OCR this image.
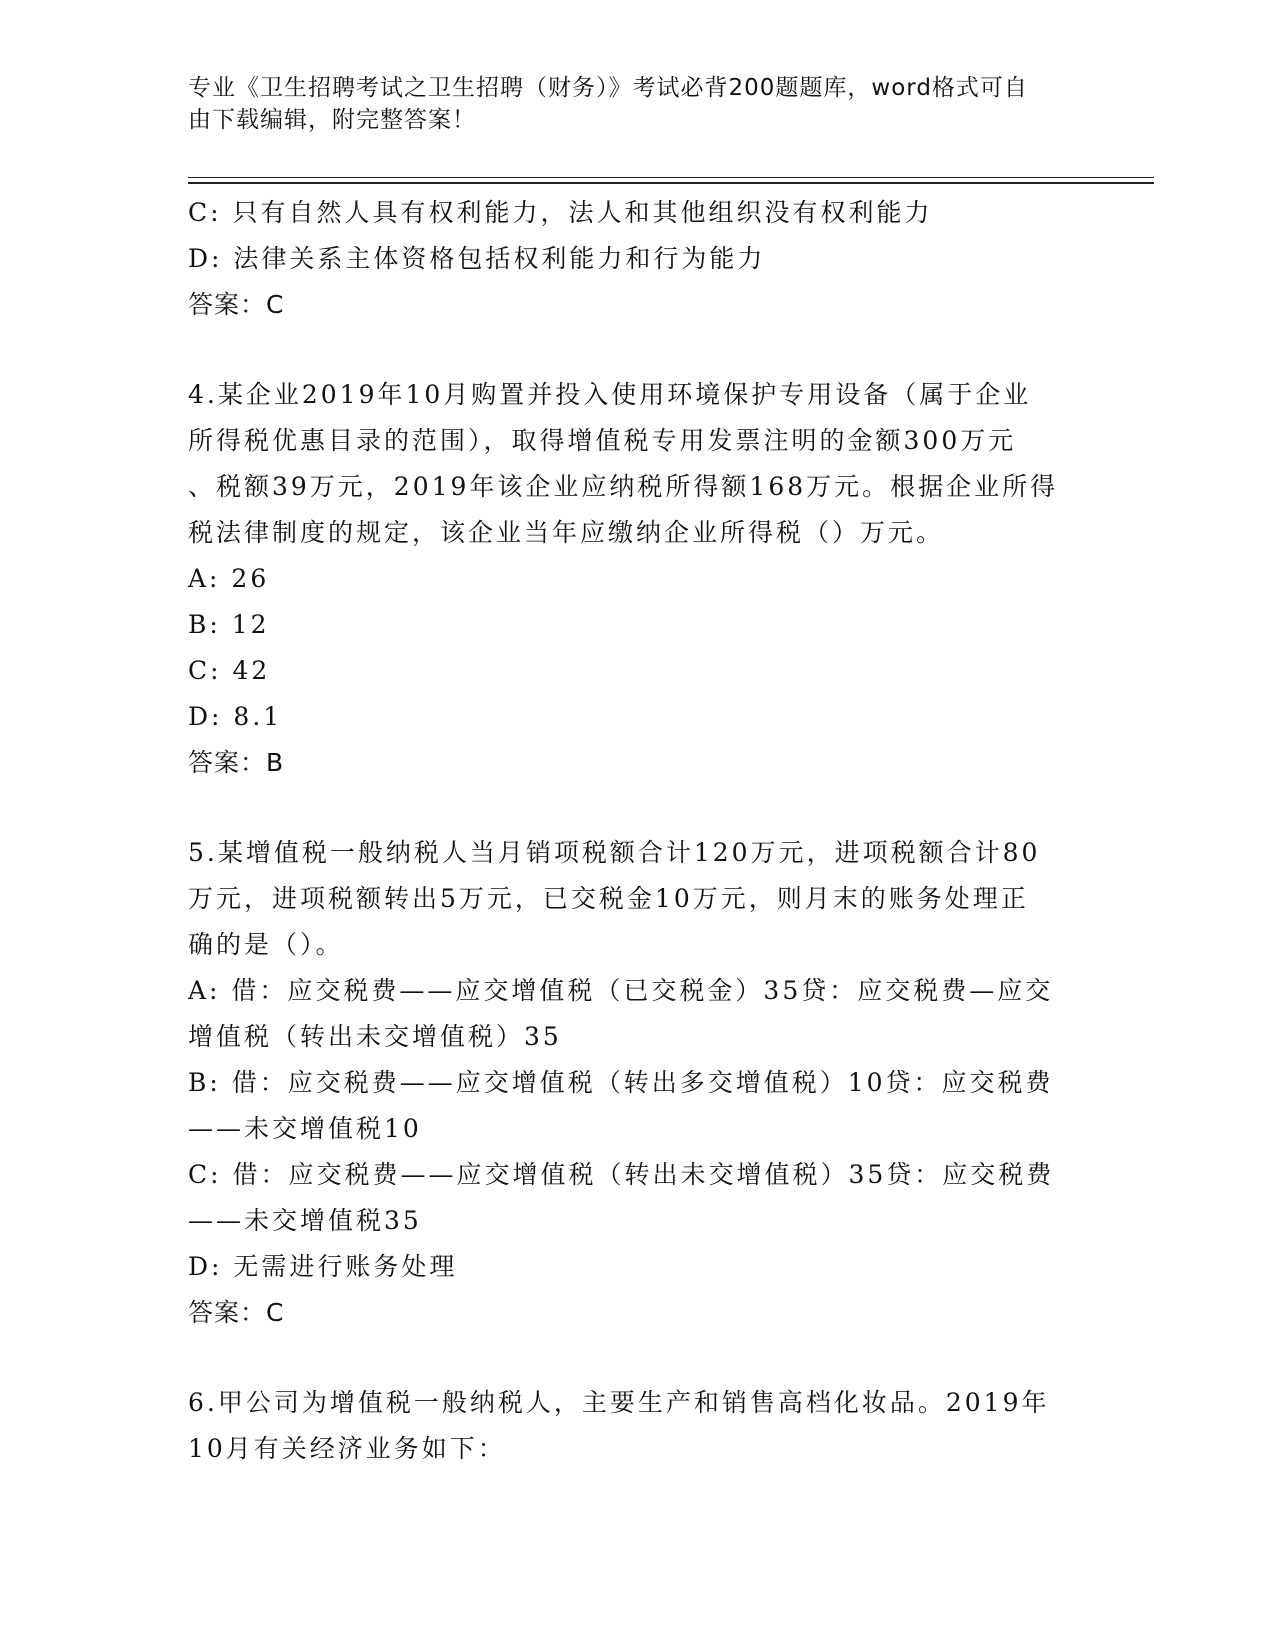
专业《卫生招聘考试之卫生招聘（财务）》考试必背200题题库，word格式可自
由下载编辑，附完整答案！
C: 只有自然人具有权利能力，法人和其他组织没有权利能力
D: 法律关系主体资格包括权利能力和行为能力
答案：C
4.某企业2019年10月购置并投入使用环境保护专用设备（属于企业
所得税优惠目录的范围），取得增值税专用发票注明的金额300万元
、税额39万元，2019年该企业应纳税所得额168万元。根据企业所得
税法律制度的规定，该企业当年应缴纳企业所得税（）万元。
A: 26
B: 12
C: 42
D: 8.1
答案：B
5.某增值税一般纳税人当月销项税额合计120万元，进项税额合计80
万元，进项税额转出5万元，已交税金10万元，则月末的账务处理正
确的是（）。
A: 借：应交税费——应交增值税（已交税金）35贷：应交税费—应交
增值税（转出未交增值税）35
B: 借：应交税费——应交增值税（转出多交增值税）10贷：应交税费
——未交增值税10
C: 借：应交税费——应交增值税（转出未交增值税）35贷：应交税费
——未交增值税35
D: 无需进行账务处理
答案：C
6.甲公司为增值税一般纳税人，主要生产和销售高档化妆品。2019年
10月有关经济业务如下：
